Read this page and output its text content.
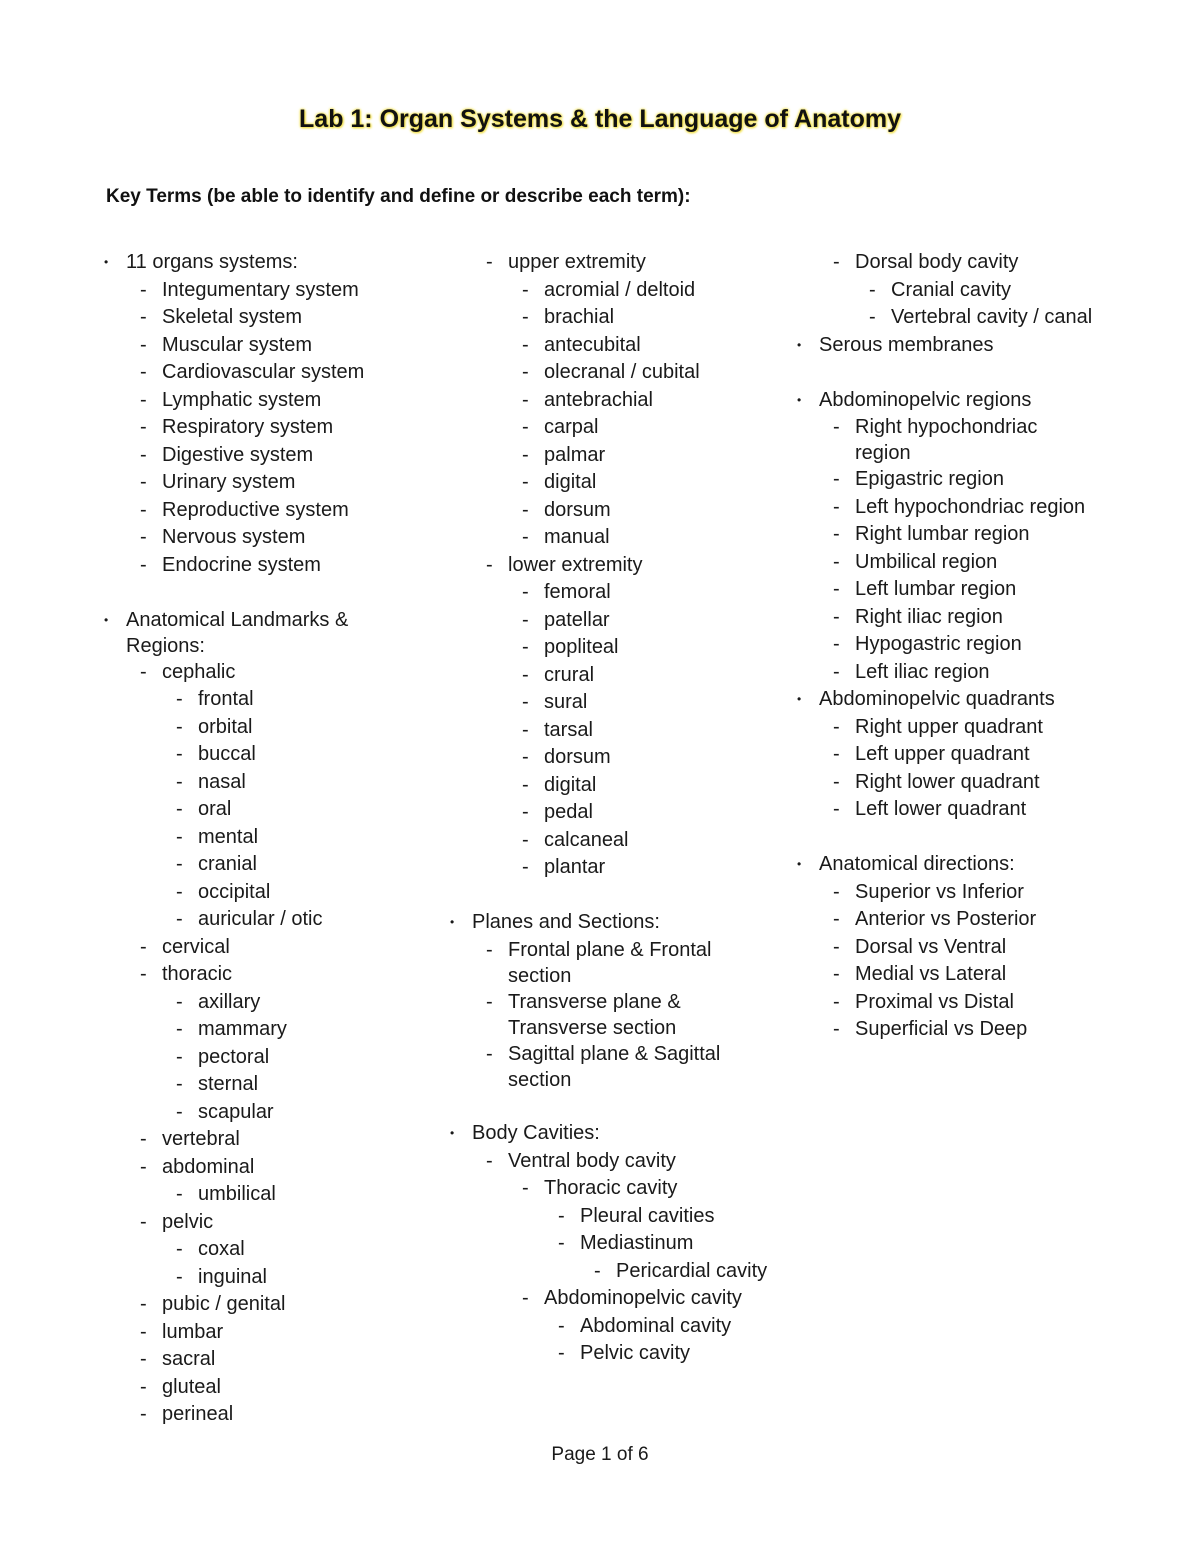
Lab 1: Organ Systems & the Language of Anatomy
Key Terms (be able to identify and define or describe each term):
• 11 organs systems:
- Integumentary system
- Skeletal system
- Muscular system
- Cardiovascular system
- Lymphatic system
- Respiratory system
- Digestive system
- Urinary system
- Reproductive system
- Nervous system
- Endocrine system
• Anatomical Landmarks & Regions:
- cephalic
- frontal
- orbital
- buccal
- nasal
- oral
- mental
- cranial
- occipital
- auricular / otic
- cervical
- thoracic
- axillary
- mammary
- pectoral
- sternal
- scapular
- vertebral
- abdominal
- umbilical
- pelvic
- coxal
- inguinal
- pubic / genital
- lumbar
- sacral
- gluteal
- perineal
- upper extremity
- acromial / deltoid
- brachial
- antecubital
- olecranal / cubital
- antebrachial
- carpal
- palmar
- digital
- dorsum
- manual
- lower extremity
- femoral
- patellar
- popliteal
- crural
- sural
- tarsal
- dorsum
- digital
- pedal
- calcaneal
- plantar
• Planes and Sections:
- Frontal plane & Frontal section
- Transverse plane & Transverse section
- Sagittal plane & Sagittal section
• Body Cavities:
- Ventral body cavity
- Thoracic cavity
- Pleural cavities
- Mediastinum
- Pericardial cavity
- Abdominopelvic cavity
- Abdominal cavity
- Pelvic cavity
- Dorsal body cavity
- Cranial cavity
- Vertebral cavity / canal
• Serous membranes
• Abdominopelvic regions
- Right hypochondriac region
- Epigastric region
- Left hypochondriac region
- Right lumbar region
- Umbilical region
- Left lumbar region
- Right iliac region
- Hypogastric region
- Left iliac region
• Abdominopelvic quadrants
- Right upper quadrant
- Left upper quadrant
- Right lower quadrant
- Left lower quadrant
• Anatomical directions:
- Superior vs Inferior
- Anterior vs Posterior
- Dorsal vs Ventral
- Medial vs Lateral
- Proximal vs Distal
- Superficial vs Deep
Page 1 of 6
